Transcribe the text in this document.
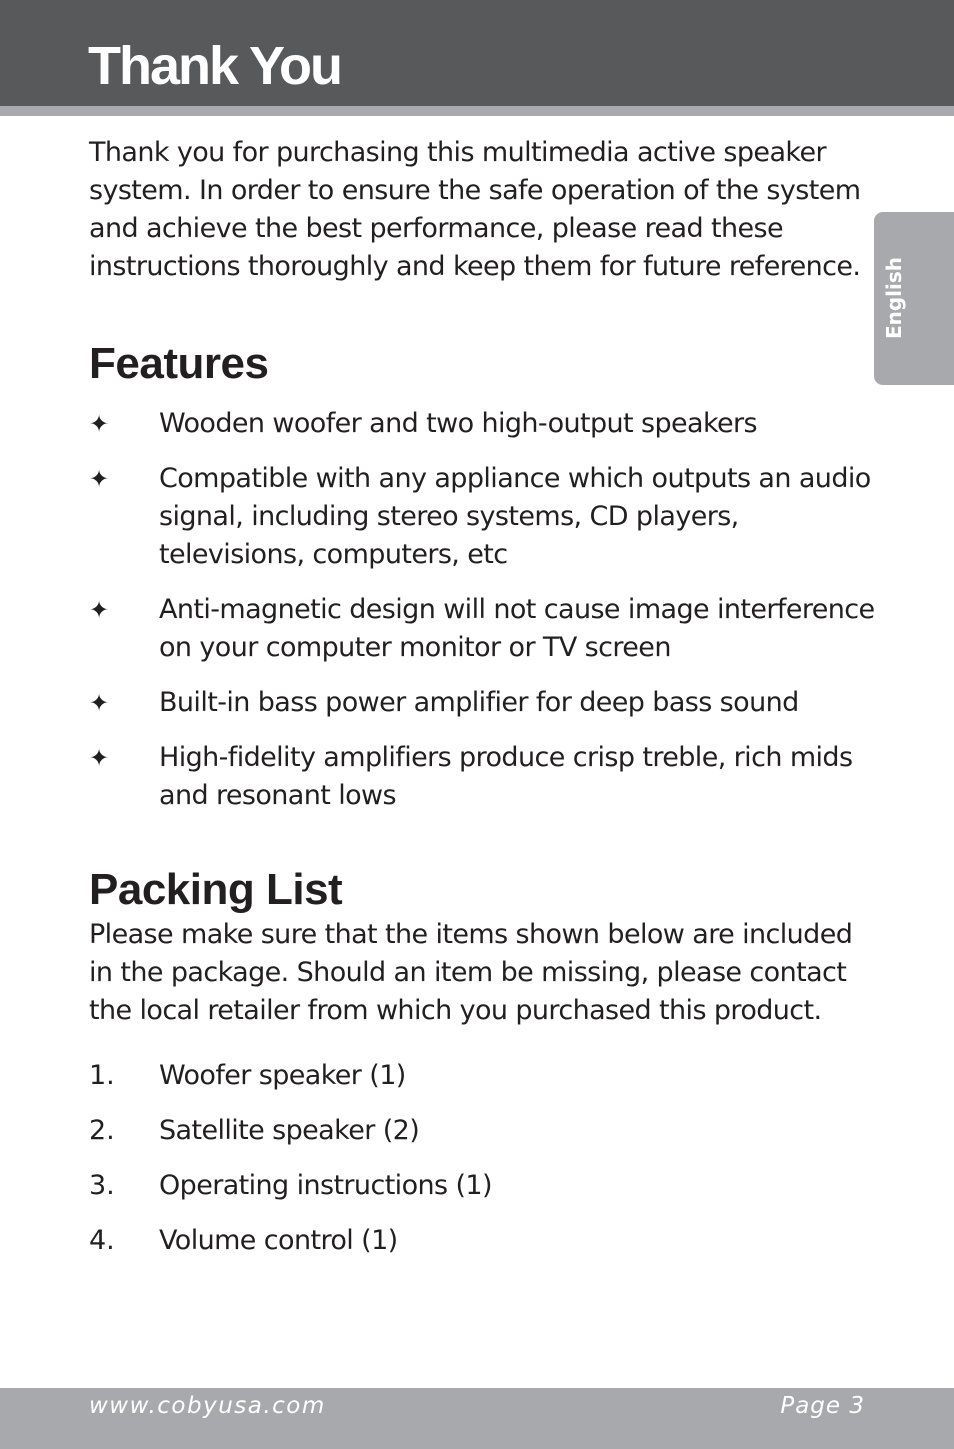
Thank You
English

Thank you for purchasing this multimedia active speaker system. In order to ensure the safe operation of the system and achieve the best performance, please read these instructions thoroughly and keep them for future reference.

Features
✦ Wooden woofer and two high-output speakers
✦ Compatible with any appliance which outputs an audio signal, including stereo systems, CD players, televisions, computers, etc
✦ Anti-magnetic design will not cause image interference on your computer monitor or TV screen
✦ Built-in bass power amplifier for deep bass sound
✦ High-fidelity amplifiers produce crisp treble, rich mids and resonant lows
Packing List

Please make sure that the items shown below are included in the package. Should an item be missing, please contact the local retailer from which you purchased this product.

1. Woofer speaker (1)
2. Satellite speaker (2)
3. Operating instructions (1)
4. Volume control (1)
www.cobyusa.com	Page 3
